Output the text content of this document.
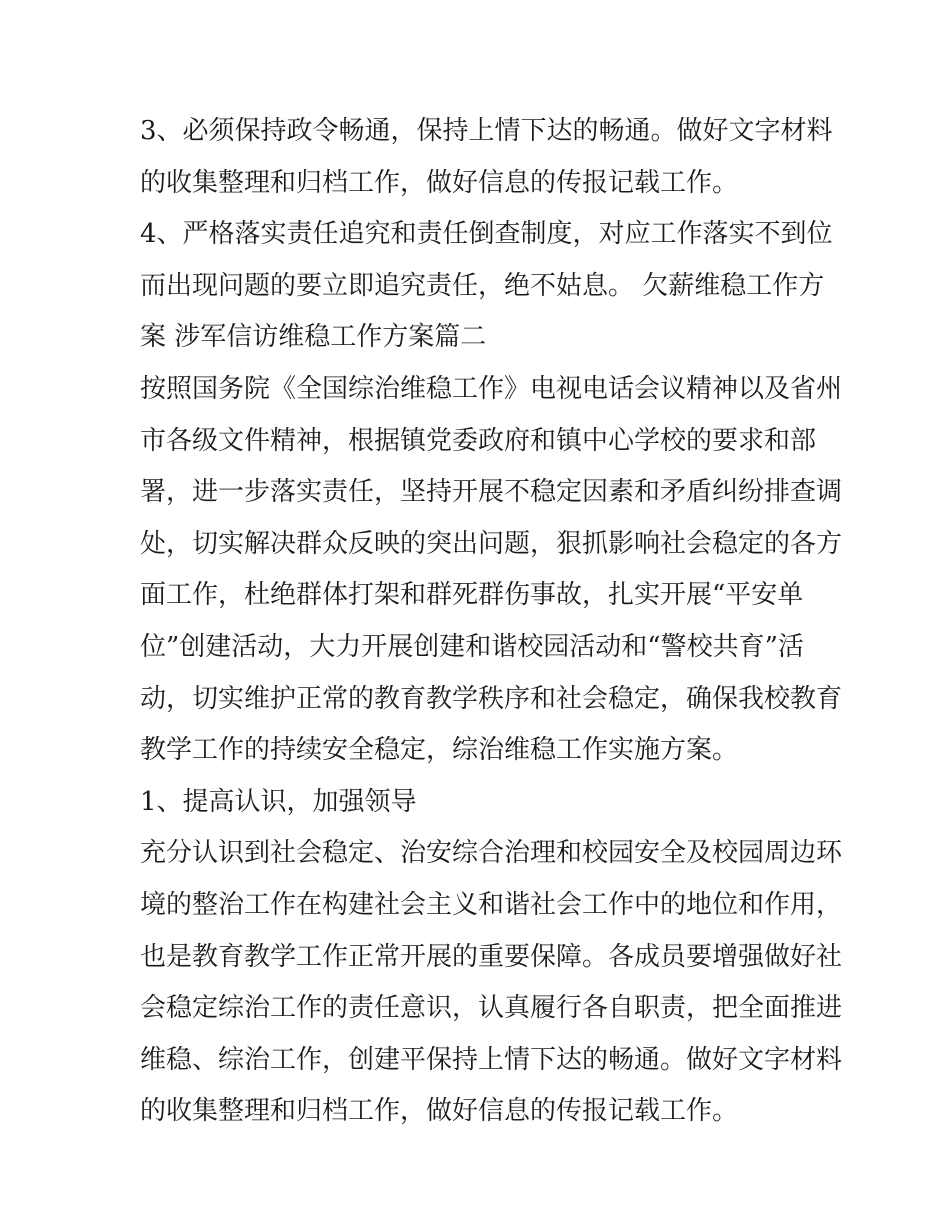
3、必须保持政令畅通，保持上情下达的畅通。做好文字材料

的收集整理和归档工作，做好信息的传报记载工作。

4、严格落实责任追究和责任倒查制度，对应工作落实不到位

而出现问题的要立即追究责任，绝不姑息。 欠薪维稳工作方

案 涉军信访维稳工作方案篇二

按照国务院《全国综治维稳工作》电视电话会议精神以及省州

市各级文件精神，根据镇党委政府和镇中心学校的要求和部

署，进一步落实责任，坚持开展不稳定因素和矛盾纠纷排查调

处，切实解决群众反映的突出问题，狠抓影响社会稳定的各方

面工作，杜绝群体打架和群死群伤事故，扎实开展“平安单

位”创建活动，大力开展创建和谐校园活动和“警校共育”活

动，切实维护正常的教育教学秩序和社会稳定，确保我校教育

教学工作的持续安全稳定，综治维稳工作实施方案。

1、提高认识，加强领导

充分认识到社会稳定、治安综合治理和校园安全及校园周边环

境的整治工作在构建社会主义和谐社会工作中的地位和作用，

也是教育教学工作正常开展的重要保障。各成员要增强做好社

会稳定综治工作的责任意识，认真履行各自职责，把全面推进

维稳、综治工作，创建平保持上情下达的畅通。做好文字材料

的收集整理和归档工作，做好信息的传报记载工作。
